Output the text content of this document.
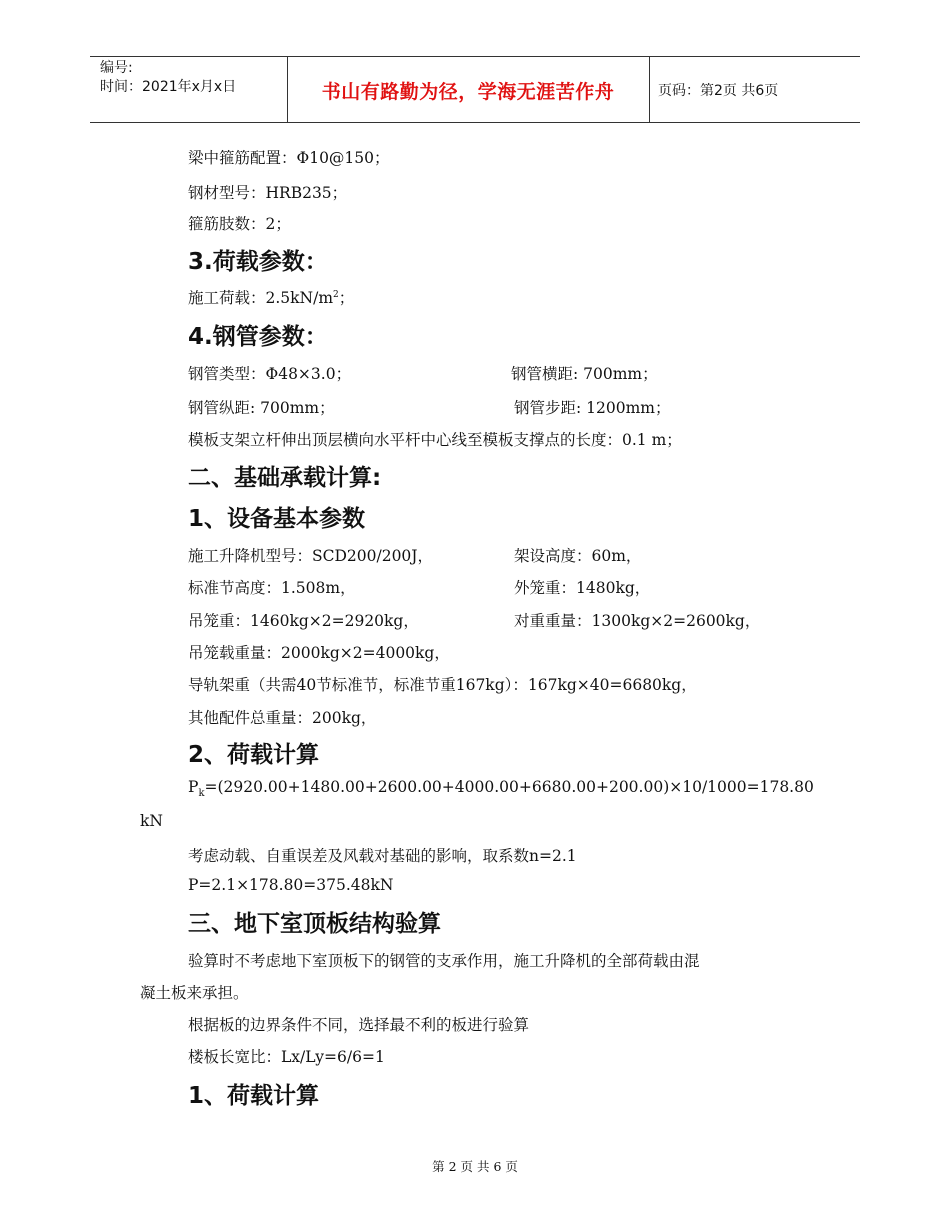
编号:
时间：2021年x月x日	书山有路勤为径，学海无涯苦作舟	页码：第2页 共6页
梁中箍筋配置：Φ10@150；
钢材型号：HRB235；
箍筋肢数：2；
3.荷载参数：
施工荷载：$2.5kN/m^2$；
4.钢管参数：
钢管类型：Φ48×3.0；	钢管横距: 700mm；
钢管纵距: 700mm；	钢管步距: 1200mm；
模板支架立杆伸出顶层横向水平杆中心线至模板支撑点的长度：0.1 m；
二、基础承载计算:
1、设备基本参数
施工升降机型号：SCD200/200J，	架设高度：60m，
标准节高度：1.508m，	外笼重：1480kg，
吊笼重：1460kg×2=2920kg，	对重重量：1300kg×2=2600kg，
吊笼载重量：2000kg×2=4000kg，
导轨架重（共需40节标准节，标准节重167kg）：167kg×40=6680kg，
其他配件总重量：200kg，
2、荷载计算
$P_k=(2920.00+1480.00+2600.00+4000.00+6680.00+200.00)\times 10/1000=178.80$
kN
考虑动载、自重误差及风载对基础的影响，取系数n=2.1
P=2.1×178.80=375.48kN
三、地下室顶板结构验算
验算时不考虑地下室顶板下的钢管的支承作用，施工升降机的全部荷载由混
凝土板来承担。
根据板的边界条件不同，选择最不利的板进行验算
楼板长宽比：Lx/Ly=6/6=1
1、荷载计算
第 2 页 共 6 页
